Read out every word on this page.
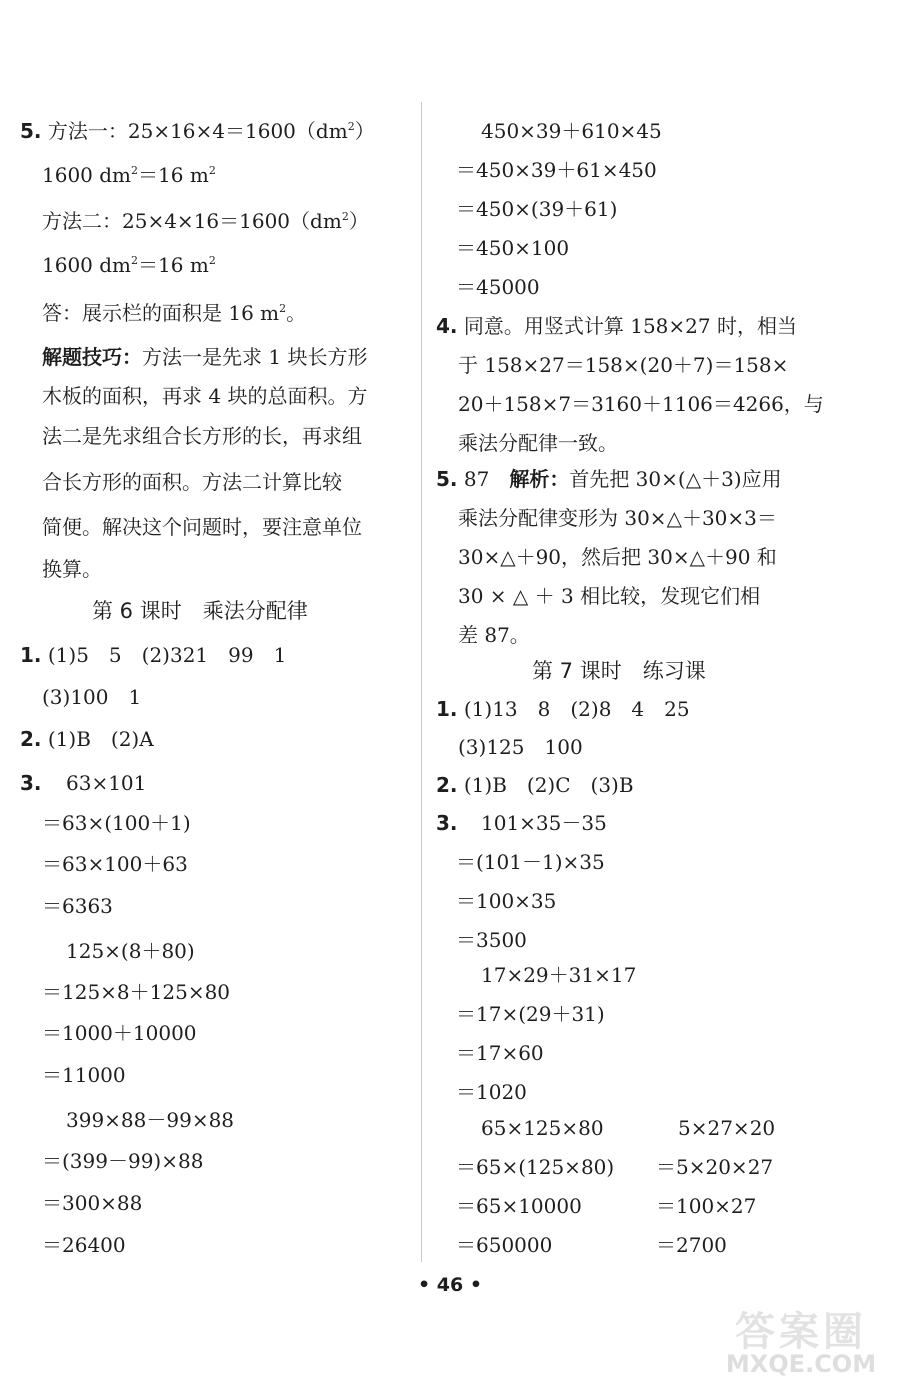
5. 方法一：$25\times 16\times 4=1600(dm^2)$
1600 $dm^2=16$ $m^2$
方法二：$25\times 4\times 16=1600(dm^2)$
1600 $dm^2=16$ $m^2$
答：展示栏的面积是 16 $m^2$。
解题技巧：方法一是先求 1 块长方形
木板的面积，再求 4 块的总面积。方
法二是先求组合长方形的长，再求组
合长方形的面积。方法二计算比较
简便。解决这个问题时，要注意单位
换算。
第 6 课时　乘法分配律
1. (1)5　5　(2)321　99　1
(3)100　1
2. (1)B　(2)A
3. 63×101
＝63×(100＋1)
＝63×100＋63
＝6363
125×(8＋80)
＝125×8＋125×80
＝1000＋10000
＝11000
399×88－99×88
＝(399－99)×88
＝300×88
＝26400
450×39＋610×45
＝450×39＋61×450
＝450×(39＋61)
＝450×100
＝45000
4. 同意。用竖式计算 158×27 时，相当
于 158×27＝158×(20＋7)＝158×
20＋158×7＝3160＋1106＝4266，与
乘法分配律一致。
5. 87　解析：首先把 30×(△＋3)应用
乘法分配律变形为 30×△＋30×3＝
30×△＋90，然后把 30×△＋90 和
30 × △ ＋ 3 相比较，发现它们相
差 87。
第 7 课时　练习课
1. (1)13　8　(2)8　4　25
(3)125　100
2. (1)B　(2)C　(3)B
3. 101×35－35
＝(101－1)×35
＝100×35
＝3500
17×29＋31×17
＝17×(29＋31)
＝17×60
＝1020
65×125×80
＝65×(125×80)
＝65×10000
＝650000
5×27×20
＝5×20×27
＝100×27
＝2700
• 46 •
答案圈
MXQE.COM
